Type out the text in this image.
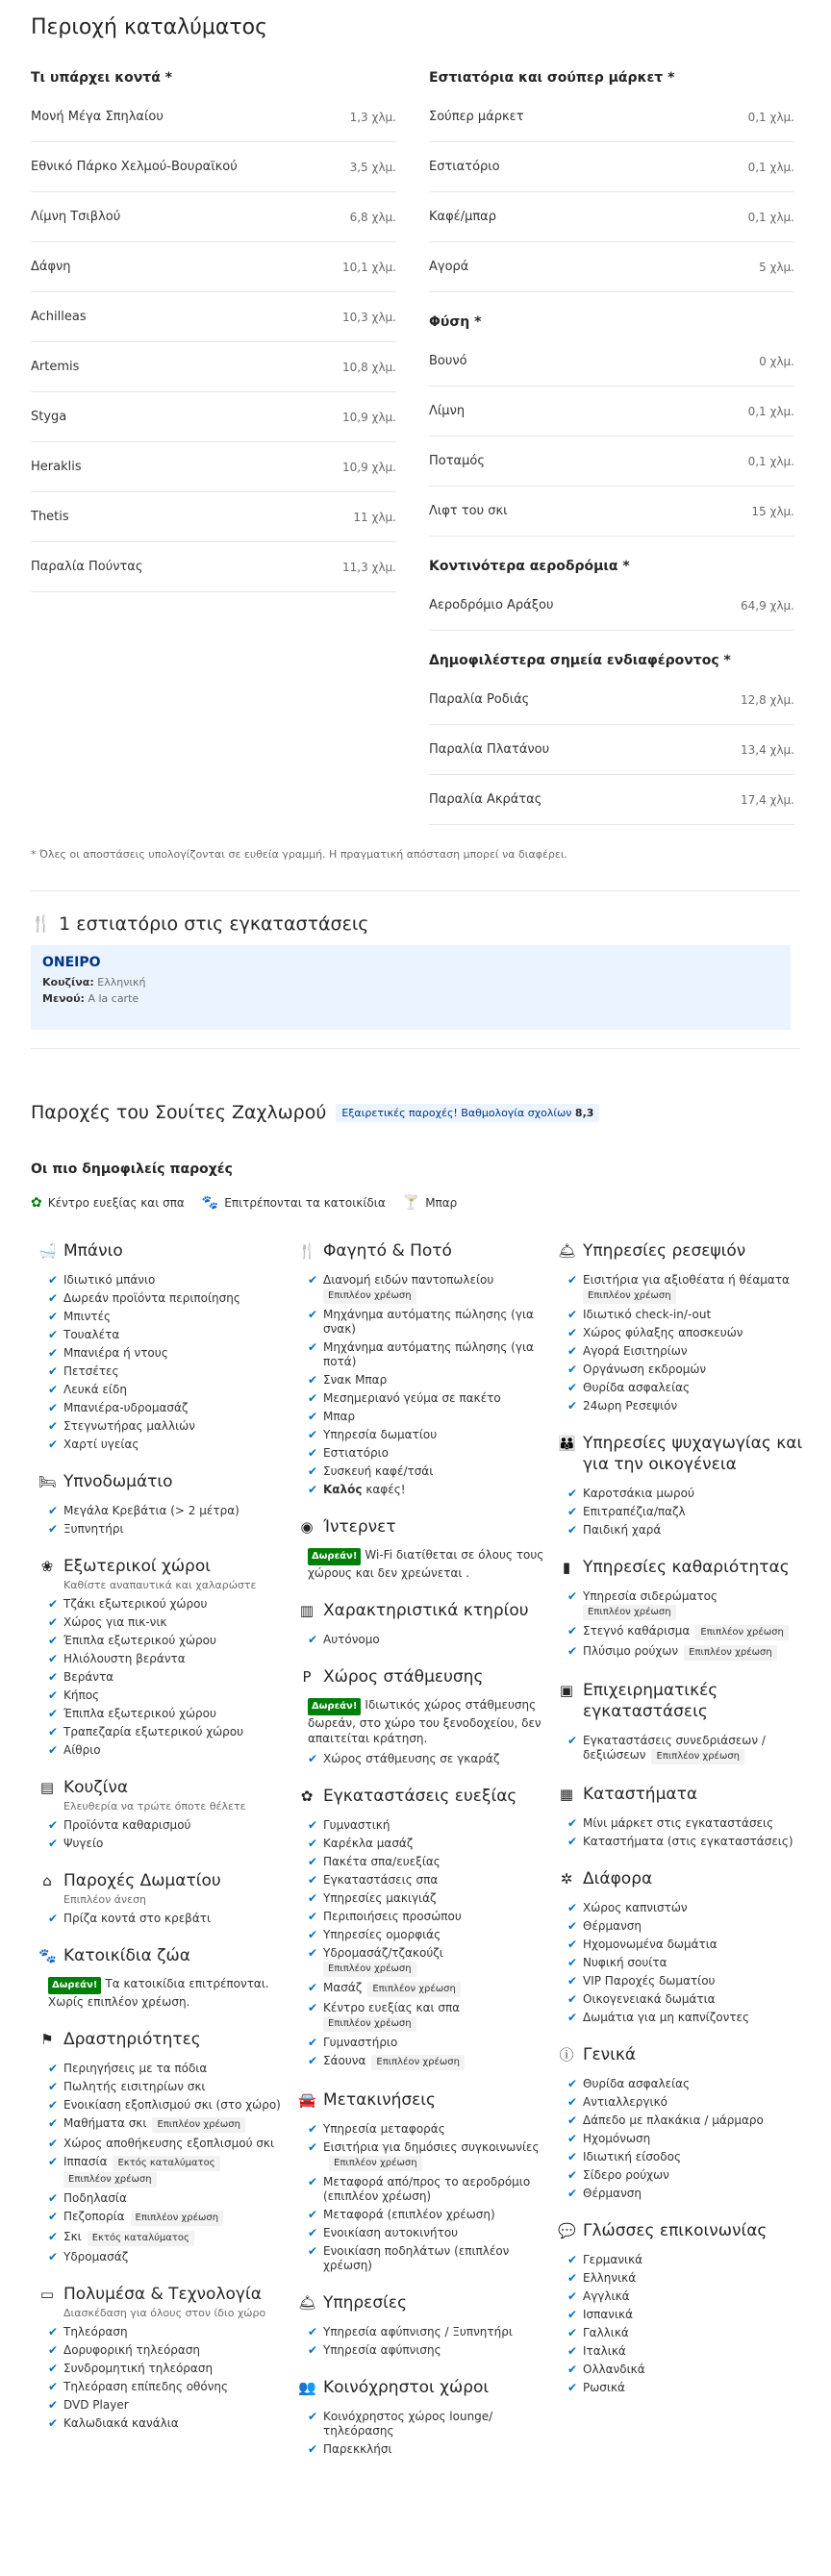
Περιοχή καταλύματος
Τι υπάρχει κοντά *
Μονή Μέγα Σπηλαίου	1,3 χλμ.
Εθνικό Πάρκο Χελμού-Βουραϊκού	3,5 χλμ.
Λίμνη Τσιβλού	6,8 χλμ.
Δάφνη	10,1 χλμ.
Achilleas	10,3 χλμ.
Artemis	10,8 χλμ.
Styga	10,9 χλμ.
Heraklis	10,9 χλμ.
Thetis	11 χλμ.
Παραλία Πούντας	11,3 χλμ.
Εστιατόρια και σούπερ μάρκετ *
Σούπερ μάρκετ	0,1 χλμ.
Εστιατόριο	0,1 χλμ.
Καφέ/μπαρ	0,1 χλμ.
Αγορά	5 χλμ.
Φύση *
Βουνό	0 χλμ.
Λίμνη	0,1 χλμ.
Ποταμός	0,1 χλμ.
Λιφτ του σκι	15 χλμ.
Κοντινότερα αεροδρόμια *
Αεροδρόμιο Αράξου	64,9 χλμ.
Δημοφιλέστερα σημεία ενδιαφέροντος *
Παραλία Ροδιάς	12,8 χλμ.
Παραλία Πλατάνου	13,4 χλμ.
Παραλία Ακράτας	17,4 χλμ.
* Όλες οι αποστάσεις υπολογίζονται σε ευθεία γραμμή. Η πραγματική απόσταση μπορεί να διαφέρει.
🍴 1 εστιατόριο στις εγκαταστάσεις
ΟΝΕΙΡΟ
Κουζίνα: Ελληνική
Μενού: A la carte
Παροχές του Σουίτες Ζαχλωρού	Εξαιρετικές παροχές! Βαθμολογία σχολίων 8,3
Οι πιο δημοφιλείς παροχές
✿ Κέντρο ευεξίας και σπα 🐾 Επιτρέπονται τα κατοικίδια 🍸 Μπαρ
🛁 Μπάνιο
✔ Ιδιωτικό μπάνιο
✔ Δωρεάν προϊόντα περιποίησης
✔ Μπιντές
✔ Τουαλέτα
✔ Μπανιέρα ή ντους
✔ Πετσέτες
✔ Λευκά είδη
✔ Μπανιέρα-υδρομασάζ
✔ Στεγνωτήρας μαλλιών
✔ Χαρτί υγείας
🛏 Υπνοδωμάτιο
✔ Μεγάλα Κρεβάτια (> 2 μέτρα)
✔ Ξυπνητήρι
❀ Εξωτερικοί χώροι
Καθίστε αναπαυτικά και χαλαρώστε
✔ Τζάκι εξωτερικού χώρου
✔ Χώρος για πικ-νικ
✔ Έπιπλα εξωτερικού χώρου
✔ Ηλιόλουστη βεράντα
✔ Βεράντα
✔ Κήπος
✔ Έπιπλα εξωτερικού χώρου
✔ Τραπεζαρία εξωτερικού χώρου
✔ Αίθριο
▤ Κουζίνα
Ελευθερία να τρώτε όποτε θέλετε
✔ Προϊόντα καθαρισμού
✔ Ψυγείο
⌂ Παροχές Δωματίου
Επιπλέον άνεση
✔ Πρίζα κοντά στο κρεβάτι
🐾 Κατοικίδια ζώα
Δωρεάν! Τα κατοικίδια επιτρέπονται. Χωρίς επιπλέον χρέωση.
⚑ Δραστηριότητες
✔ Περιηγήσεις με τα πόδια
✔ Πωλητής εισιτηρίων σκι
✔ Ενοικίαση εξοπλισμού σκι (στο χώρο)
✔ Μαθήματα σκι Επιπλέον χρέωση
✔ Χώρος αποθήκευσης εξοπλισμού σκι
✔ Ιππασία Εκτός καταλύματος
Επιπλέον χρέωση
✔ Ποδηλασία
✔ Πεζοπορία Επιπλέον χρέωση
✔ Σκι Εκτός καταλύματος
✔ Υδρομασάζ
▭ Πολυμέσα & Τεχνολογία
Διασκέδαση για όλους στον ίδιο χώρο
✔ Τηλεόραση
✔ Δορυφορική τηλεόραση
✔ Συνδρομητική τηλεόραση
✔ Τηλεόραση επίπεδης οθόνης
✔ DVD Player
✔ Καλωδιακά κανάλια
🍴 Φαγητό & Ποτό
✔ Διανομή ειδών παντοπωλείου
Επιπλέον χρέωση
✔ Μηχάνημα αυτόματης πώλησης (για σνακ)
✔ Μηχάνημα αυτόματης πώλησης (για ποτά)
✔ Σνακ Μπαρ
✔ Μεσημεριανό γεύμα σε πακέτο
✔ Μπαρ
✔ Υπηρεσία δωματίου
✔ Εστιατόριο
✔ Συσκευή καφέ/τσάι
✔ Καλός καφές!
◉ Ίντερνετ
Δωρεάν! Wi-Fi διατίθεται σε όλους τους χώρους και δεν χρεώνεται .
▥ Χαρακτηριστικά κτηρίου
✔ Αυτόνομο
P Χώρος στάθμευσης
Δωρεάν! Ιδιωτικός χώρος στάθμευσης δωρεάν, στο χώρο του ξενοδοχείου, δεν απαιτείται κράτηση.
✔ Χώρος στάθμευσης σε γκαράζ
✿ Εγκαταστάσεις ευεξίας
✔ Γυμναστική
✔ Καρέκλα μασάζ
✔ Πακέτα σπα/ευεξίας
✔ Εγκαταστάσεις σπα
✔ Υπηρεσίες μακιγιάζ
✔ Περιποιήσεις προσώπου
✔ Υπηρεσίες ομορφιάς
✔ Υδρομασάζ/τζακούζι
Επιπλέον χρέωση
✔ Μασάζ Επιπλέον χρέωση
✔ Κέντρο ευεξίας και σπα
Επιπλέον χρέωση
✔ Γυμναστήριο
✔ Σάουνα Επιπλέον χρέωση
🚘 Μετακινήσεις
✔ Υπηρεσία μεταφοράς
✔ Εισιτήρια για δημόσιες συγκοινωνίεςΕπιπλέον χρέωση
✔ Μεταφορά από/προς το αεροδρόμιο (επιπλέον χρέωση)
✔ Μεταφορά (επιπλέον χρέωση)
✔ Ενοικίαση αυτοκινήτου
✔ Ενοικίαση ποδηλάτων (επιπλέον χρέωση)
🛎 Υπηρεσίες
✔ Υπηρεσία αφύπνισης / Ξυπνητήρι
✔ Υπηρεσία αφύπνισης
👥 Κοινόχρηστοι χώροι
✔ Κοινόχρηστος χώρος lounge/ τηλεόρασης
✔ Παρεκκλήσι
🛎 Υπηρεσίες ρεσεψιόν
✔ Εισιτήρια για αξιοθέατα ή θέαματα
Επιπλέον χρέωση
✔ Ιδιωτικό check-in/-out
✔ Χώρος φύλαξης αποσκευών
✔ Αγορά Εισιτηρίων
✔ Οργάνωση εκδρομών
✔ Θυρίδα ασφαλείας
✔ 24ωρη Ρεσεψιόν
👪 Υπηρεσίες ψυχαγωγίας και για την οικογένεια
✔ Καροτσάκια μωρού
✔ Επιτραπέζια/παζλ
✔ Παιδική χαρά
▮ Υπηρεσίες καθαριότητας
✔ Υπηρεσία σιδερώματος
Επιπλέον χρέωση
✔ Στεγνό καθάρισμα Επιπλέον χρέωση
✔ Πλύσιμο ρούχων Επιπλέον χρέωση
▣ Επιχειρηματικές εγκαταστάσεις
✔ Εγκαταστάσεις συνεδριάσεων / δεξιώσεων Επιπλέον χρέωση
▦ Καταστήματα
✔ Μίνι μάρκετ στις εγκαταστάσεις
✔ Καταστήματα (στις εγκαταστάσεις)
✲ Διάφορα
✔ Χώρος καπνιστών
✔ Θέρμανση
✔ Ηχομονωμένα δωμάτια
✔ Νυφική σουίτα
✔ VIP Παροχές δωματίου
✔ Οικογενειακά δωμάτια
✔ Δωμάτια για μη καπνίζοντες
ⓘ Γενικά
✔ Θυρίδα ασφαλείας
✔ Αντιαλλεργικό
✔ Δάπεδο με πλακάκια / μάρμαρο
✔ Ηχομόνωση
✔ Ιδιωτική είσοδος
✔ Σίδερο ρούχων
✔ Θέρμανση
💬 Γλώσσες επικοινωνίας
✔ Γερμανικά
✔ Ελληνικά
✔ Αγγλικά
✔ Ισπανικά
✔ Γαλλικά
✔ Ιταλικά
✔ Ολλανδικά
✔ Ρωσικά
